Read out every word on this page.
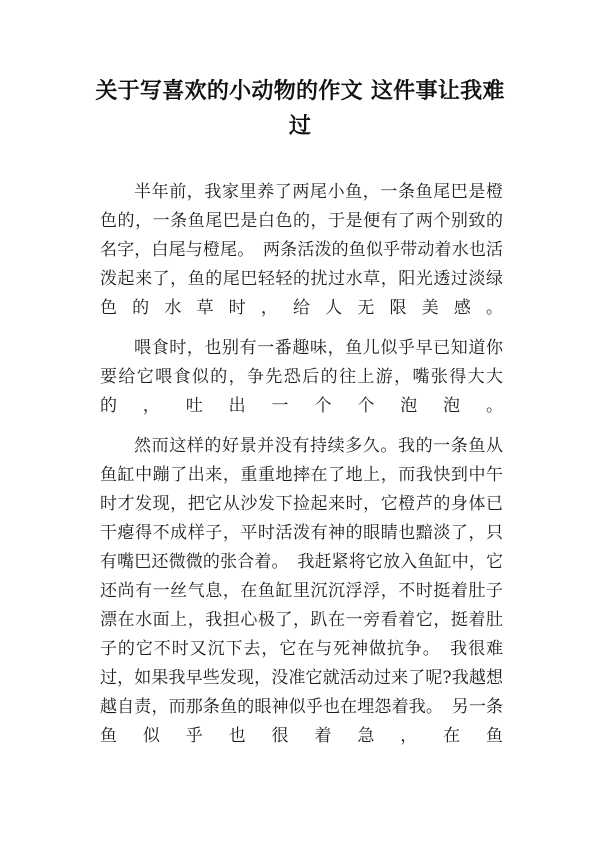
关于写喜欢的小动物的作文 这件事让我难过

半年前，我家里养了两尾小鱼，一条鱼尾巴是橙色的，一条鱼尾巴是白色的，于是便有了两个别致的名字，白尾与橙尾。　两条活泼的鱼似乎带动着水也活泼起来了，鱼的尾巴轻轻的扰过水草，阳光透过淡绿色的水草时，给人无限美感。

喂食时，也别有一番趣味，鱼儿似乎早已知道你要给它喂食似的，争先恐后的往上游，嘴张得大大的，吐出一个个泡泡。

然而这样的好景并没有持续多久。我的一条鱼从鱼缸中蹦了出来，重重地摔在了地上，而我快到中午时才发现，把它从沙发下捡起来时，它橙芦的身体已干瘪得不成样子，平时活泼有神的眼睛也黯淡了，只有嘴巴还微微的张合着。　我赶紧将它放入鱼缸中，它还尚有一丝气息，在鱼缸里沉沉浮浮，不时挺着肚子漂在水面上，我担心极了，趴在一旁看着它，挺着肚子的它不时又沉下去，它在与死神做抗争。　我很难过，如果我早些发现，没准它就活动过来了呢?我越想越自责，而那条鱼的眼神似乎也在埋怨着我。　另一条鱼似乎也很着急，在鱼
